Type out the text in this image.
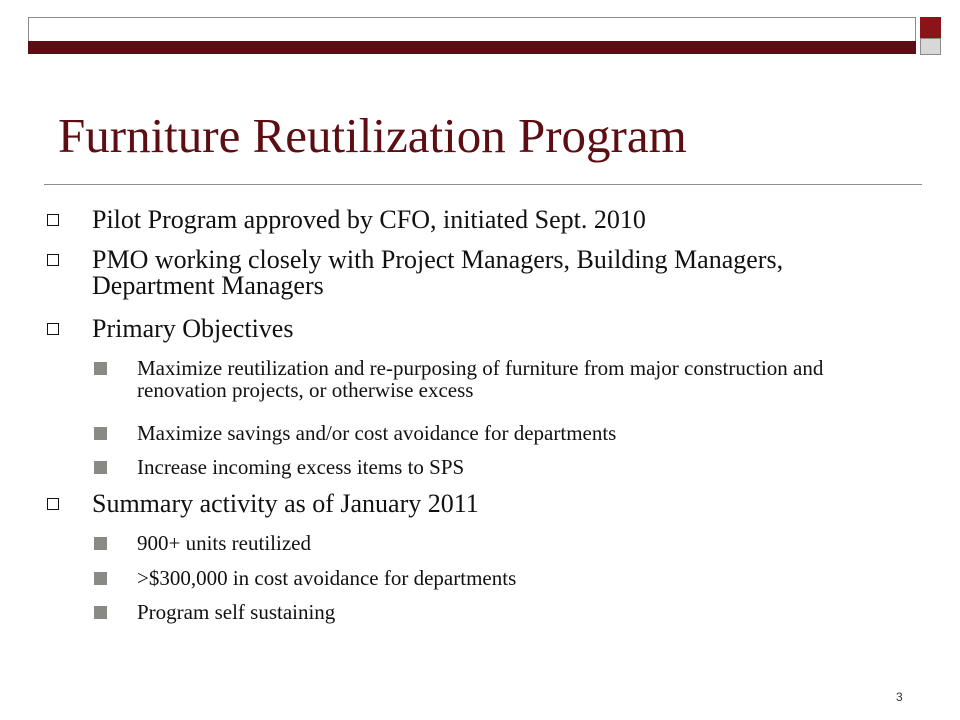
Furniture Reutilization Program
Pilot Program approved by CFO, initiated Sept. 2010
PMO working closely with Project Managers, Building Managers, Department Managers
Primary Objectives
Maximize reutilization and re-purposing of furniture from major construction and renovation projects, or otherwise excess
Maximize savings and/or cost avoidance for departments
Increase incoming excess items to SPS
Summary activity as of January 2011
900+ units reutilized
>$300,000 in cost avoidance for departments
Program self sustaining
3
